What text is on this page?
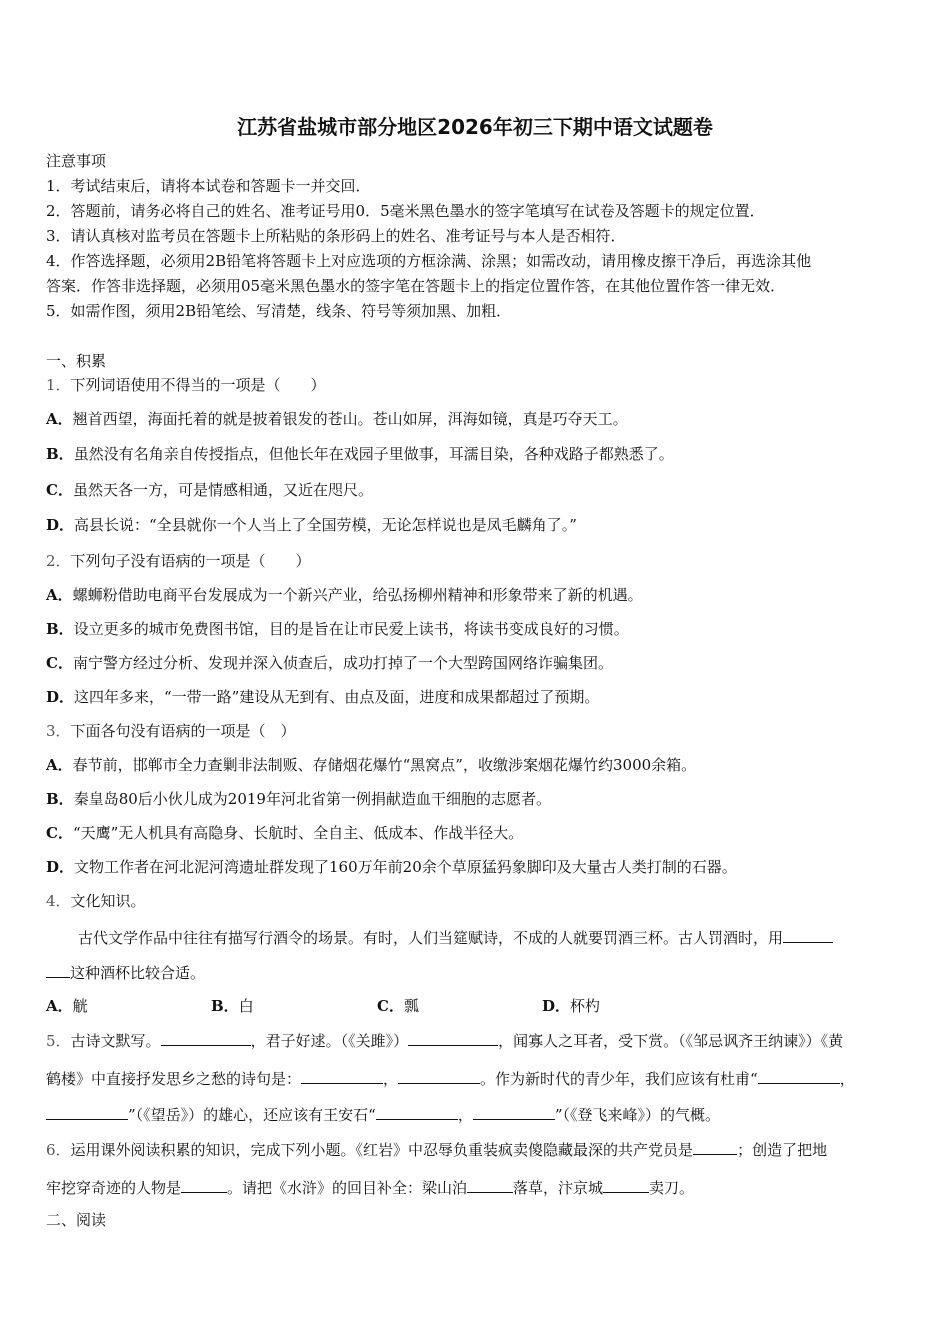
江苏省盐城市部分地区2026年初三下期中语文试题卷
注意事项
1．考试结束后，请将本试卷和答题卡一并交回．
2．答题前，请务必将自己的姓名、准考证号用0．5毫米黑色墨水的签字笔填写在试卷及答题卡的规定位置．
3．请认真核对监考员在答题卡上所粘贴的条形码上的姓名、准考证号与本人是否相符．
4．作答选择题，必须用2B铅笔将答题卡上对应选项的方框涂满、涂黑；如需改动，请用橡皮擦干净后，再选涂其他
答案．作答非选择题，必须用05毫米黑色墨水的签字笔在答题卡上的指定位置作答，在其他位置作答一律无效．
5．如需作图，须用2B铅笔绘、写清楚，线条、符号等须加黑、加粗．
一、积累
1．下列词语使用不得当的一项是（　　）
A．翘首西望，海面托着的就是披着银发的苍山。苍山如屏，洱海如镜，真是巧夺天工。
B．虽然没有名角亲自传授指点，但他长年在戏园子里做事，耳濡目染，各种戏路子都熟悉了。
C．虽然天各一方，可是情感相通，又近在咫尺。
D．高县长说：“全县就你一个人当上了全国劳模，无论怎样说也是凤毛麟角了。”
2．下列句子没有语病的一项是（　　）
A．螺蛳粉借助电商平台发展成为一个新兴产业，给弘扬柳州精神和形象带来了新的机遇。
B．设立更多的城市免费图书馆，目的是旨在让市民爱上读书，将读书变成良好的习惯。
C．南宁警方经过分析、发现并深入侦查后，成功打掉了一个大型跨国网络诈骗集团。
D．这四年多来，“一带一路”建设从无到有、由点及面，进度和成果都超过了预期。
3．下面各句没有语病的一项是（　）
A．春节前，邯郸市全力查剿非法制贩、存储烟花爆竹“黑窝点”，收缴涉案烟花爆竹约3000余箱。
B．秦皇岛80后小伙儿成为2019年河北省第一例捐献造血干细胞的志愿者。
C．“天鹰”无人机具有高隐身、长航时、全自主、低成本、作战半径大。
D．文物工作者在河北泥河湾遗址群发现了160万年前20余个草原猛犸象脚印及大量古人类打制的石器。
4．文化知识。
古代文学作品中往往有描写行酒令的场景。有时，人们当筵赋诗，不成的人就要罚酒三杯。古人罚酒时，用
这种酒杯比较合适。
A．觥	B．白	C．瓢	D．杯杓
5．古诗文默写。	，君子好逑。（《关雎》）	，闻寡人之耳者，受下赏。（《邹忌讽齐王纳谏》）《黄
鹤楼》中直接抒发思乡之愁的诗句是：	，	。作为新时代的青少年，我们应该有杜甫“	，
”（《望岳》）的雄心，还应该有王安石“	，	”（《登飞来峰》）的气概。
6．运用课外阅读积累的知识，完成下列小题。《红岩》中忍辱负重装疯卖傻隐藏最深的共产党员是	；创造了把地
牢挖穿奇迹的人物是	。请把《水浒》的回目补全：梁山泊	落草，汴京城	卖刀。
二、阅读
